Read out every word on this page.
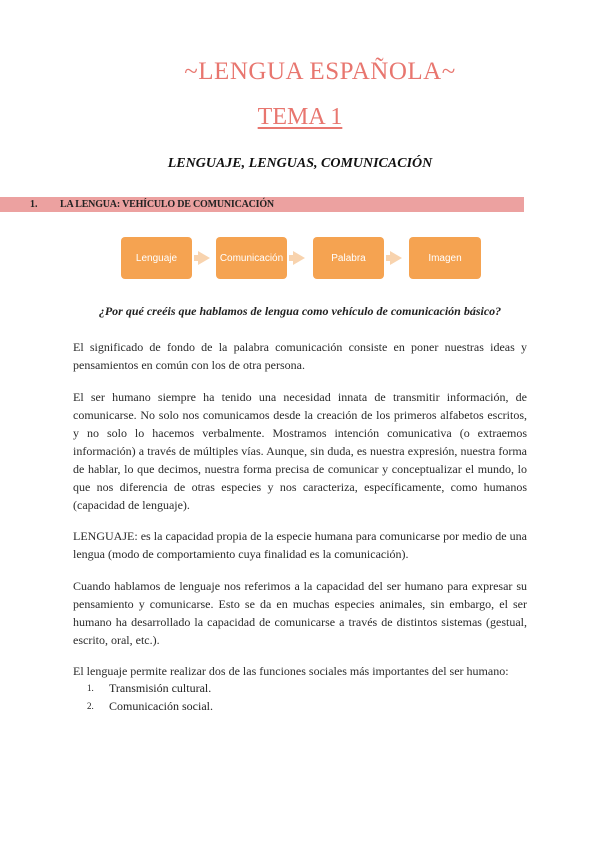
~LENGUA ESPAÑOLA~
TEMA 1
LENGUAJE, LENGUAS, COMUNICACIÓN
1. LA LENGUA: VEHÍCULO DE COMUNICACIÓN
Lenguaje	Comunicación	Palabra	Imagen
¿Por qué creéis que hablamos de lengua como vehículo de comunicación básico?
El significado de fondo de la palabra comunicación consiste en poner nuestras ideas y pensamientos en común con los de otra persona.
El ser humano siempre ha tenido una necesidad innata de transmitir información, de comunicarse. No solo nos comunicamos desde la creación de los primeros alfabetos escritos, y no solo lo hacemos verbalmente. Mostramos intención comunicativa (o extraemos información) a través de múltiples vías. Aunque, sin duda, es nuestra expresión, nuestra forma de hablar, lo que decimos, nuestra forma precisa de comunicar y conceptualizar el mundo, lo que nos diferencia de otras especies y nos caracteriza, específicamente, como humanos (capacidad de lenguaje).
LENGUAJE: es la capacidad propia de la especie humana para comunicarse por medio de una lengua (modo de comportamiento cuya finalidad es la comunicación).
Cuando hablamos de lenguaje nos referimos a la capacidad del ser humano para expresar su pensamiento y comunicarse. Esto se da en muchas especies animales, sin embargo, el ser humano ha desarrollado la capacidad de comunicarse a través de distintos sistemas (gestual, escrito, oral, etc.).
El lenguaje permite realizar dos de las funciones sociales más importantes del ser humano:
1.	Transmisión cultural.
2.	Comunicación social.
